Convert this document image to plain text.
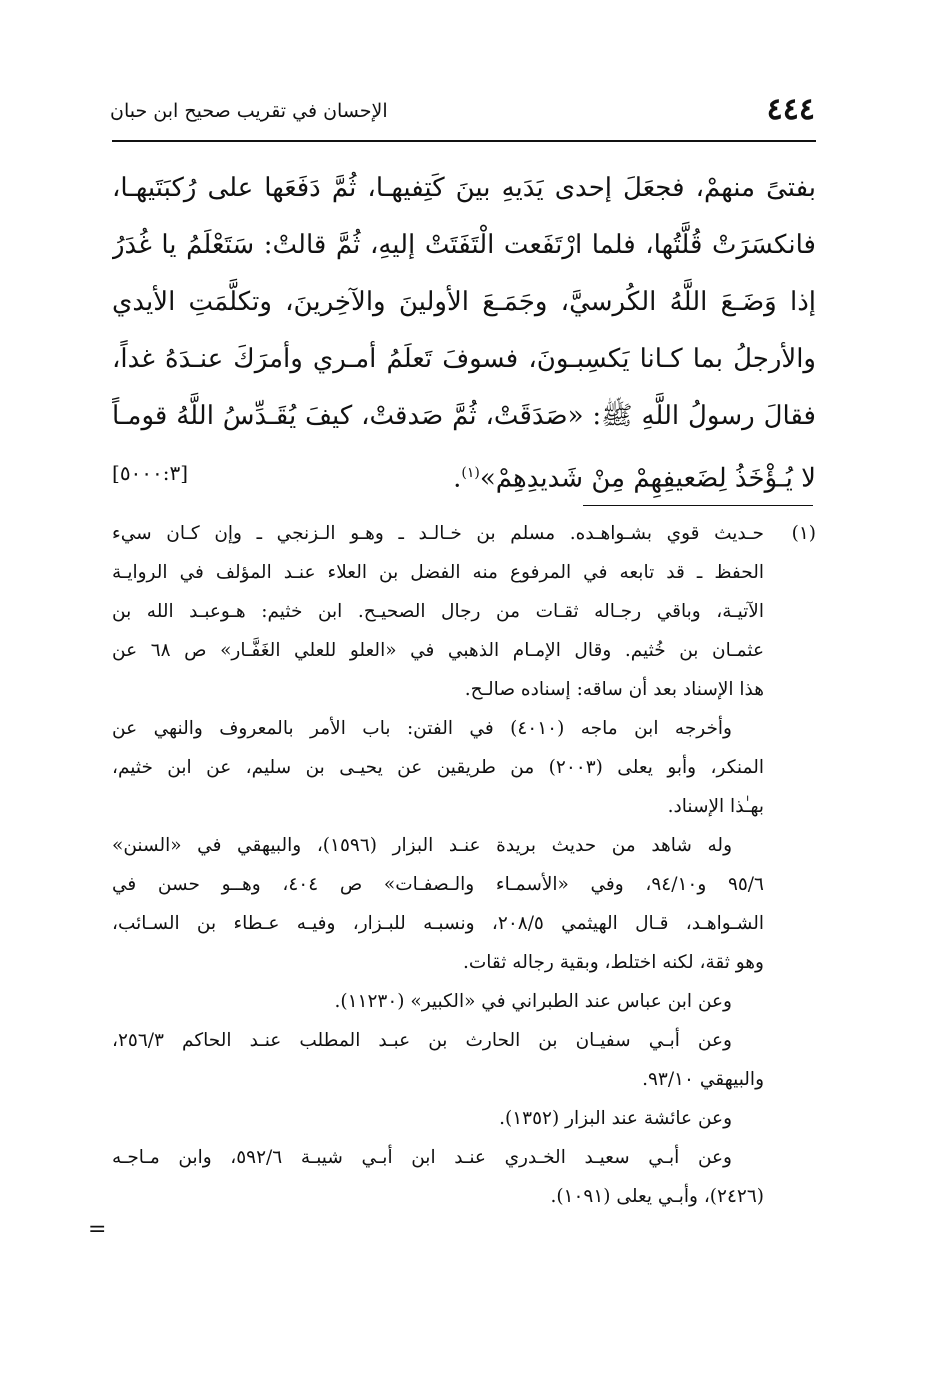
٤٤٤
الإحسان في تقريب صحيح ابن حبان
بفتىً منهمْ، فجعَلَ إحدى يَدَيهِ بينَ كَتِفيهـا، ثُمَّ دَفَعَها على رُكبَتَيهـا،
فانكسَرَتْ قُلَّتُها، فلما ارْتَفَعت الْتَفَتَتْ إليهِ، ثُمَّ قالتْ: سَتَعْلَمُ يا غُدَرُ
إذا وَضَـعَ اللَّهُ الكُرسيَّ، وجَمَـعَ الأولينَ والآخِرينَ، وتكلَّمَتِ الأيدي
والأرجلُ بما كـانا يَكسِبـونَ، فسوفَ تَعلَمُ أمـري وأمرَكَ عنـدَهُ غداً،
فقالَ رسولُ اللَّهِ ﷺ: «صَدَقَتْ، ثُمَّ صَدقتْ، كيفَ يُقَـدِّسُ اللَّهُ قومـاً
لا يُـؤْخَذُ لِضَعيفِهِمْ مِنْ شَديدِهِمْ»$^{(١)}$.
[٥٠٠٠:٣]
(١)
حـديث قوي بشـواهـده. مسلم بن خـالـد ـ وهـو الـزنجي ـ وإن كـان سيء
الحفظ ـ قد تابعه في المرفوع منه الفضل بن العلاء عنـد المؤلف في الروايـة
الآتيـة، وباقي رجـاله ثقـات من رجال الصحيـح. ابن خثيم: هـوعبـد الله بن
عثمـان بن خُثيم. وقال الإمـام الذهبي في «العلو للعلي الغَفَّـار» ص ٦٨ عن
هذا الإسناد بعد أن ساقه: إسناده صالـح.
وأخرجه ابن ماجه (٤٠١٠) في الفتن: باب الأمر بالمعروف والنهي عن
المنكر، وأبو يعلى (٢٠٠٣) من طريقين عن يحيـى بن سليم، عن ابن خثيم،
بهـٰذا الإسناد.
وله شاهد من حديث بريدة عنـد البزار (١٥٩٦)، والبيهقي في «السنن»
٩٥/٦ و٩٤/١٠، وفي «الأسمـاء والـصفـات» ص ٤٠٤، وهــو حسن في
الشـواهـد، قـال الهيثمي ٢٠٨/٥، ونسبـه للبـزار، وفيـه عـطاء بن السـائب،
وهو ثقة، لكنه اختلط، وبقية رجاله ثقات.
وعن ابن عباس عند الطبراني في «الكبير» (١١٢٣٠).
وعن أبـي سفيـان بن الحارث بن عبـد المطلب عنـد الحاكم ٢٥٦/٣،
والبيهقي ٩٣/١٠.
وعن عائشة عند البزار (١٣٥٢).
وعن أبـي سعيـد الخـدري عنـد ابن أبـي شيبـة ٥٩٢/٦، وابن مـاجـه
(٢٤٢٦)، وأبـي يعلى (١٠٩١).
=
